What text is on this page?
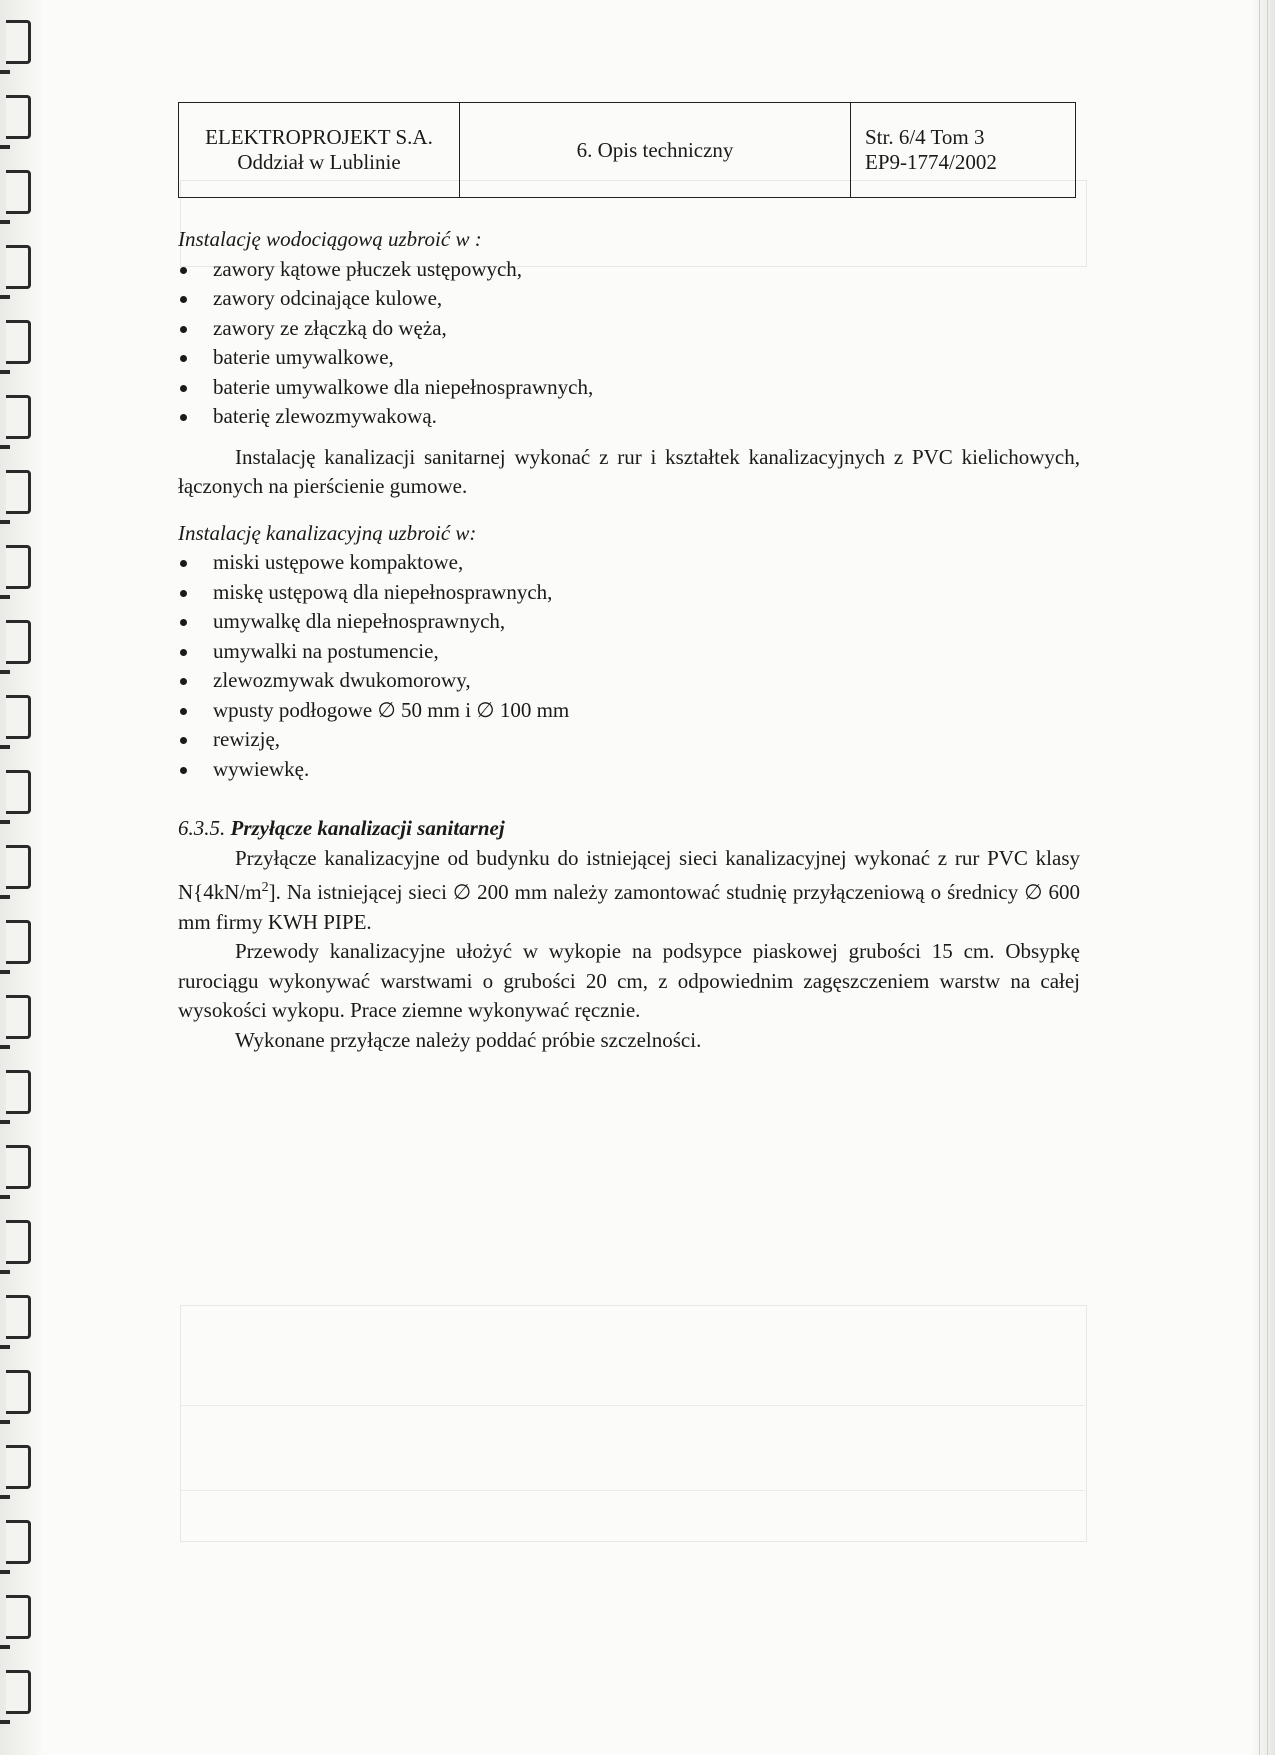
ELEKTROPROJEKT S.A.
Oddział w Lublinie

6. Opis techniczny

Str. 6/4 Tom 3
EP9-1774/2002

Instalację wodociągową uzbroić w :

zawory kątowe płuczek ustępowych,
zawory odcinające kulowe,
zawory ze złączką do węża,
baterie umywalkowe,
baterie umywalkowe dla niepełnosprawnych,
baterię zlewozmywakową.

Instalację kanalizacji sanitarnej wykonać z rur i kształtek kanalizacyjnych z PVC kielichowych, łączonych na pierścienie gumowe.

Instalację kanalizacyjną uzbroić w:

miski ustępowe kompaktowe,
miskę ustępową dla niepełnosprawnych,
umywalkę dla niepełnosprawnych,
umywalki na postumencie,
zlewozmywak dwukomorowy,
wpusty podłogowe ∅ 50 mm i ∅ 100 mm
rewizję,
wywiewkę.

6.3.5. Przyłącze kanalizacji sanitarnej

Przyłącze kanalizacyjne od budynku do istniejącej sieci kanalizacyjnej wykonać z rur PVC klasy $N\{4kN/m^2]$. Na istniejącej sieci ∅ 200 mm należy zamontować studnię przyłączeniową o średnicy ∅ 600 mm firmy KWH PIPE.

Przewody kanalizacyjne ułożyć w wykopie na podsypce piaskowej grubości 15 cm. Obsypkę rurociągu wykonywać warstwami o grubości 20 cm, z odpowiednim zagęszczeniem warstw na całej wysokości wykopu. Prace ziemne wykonywać ręcznie.

Wykonane przyłącze należy poddać próbie szczelności.
